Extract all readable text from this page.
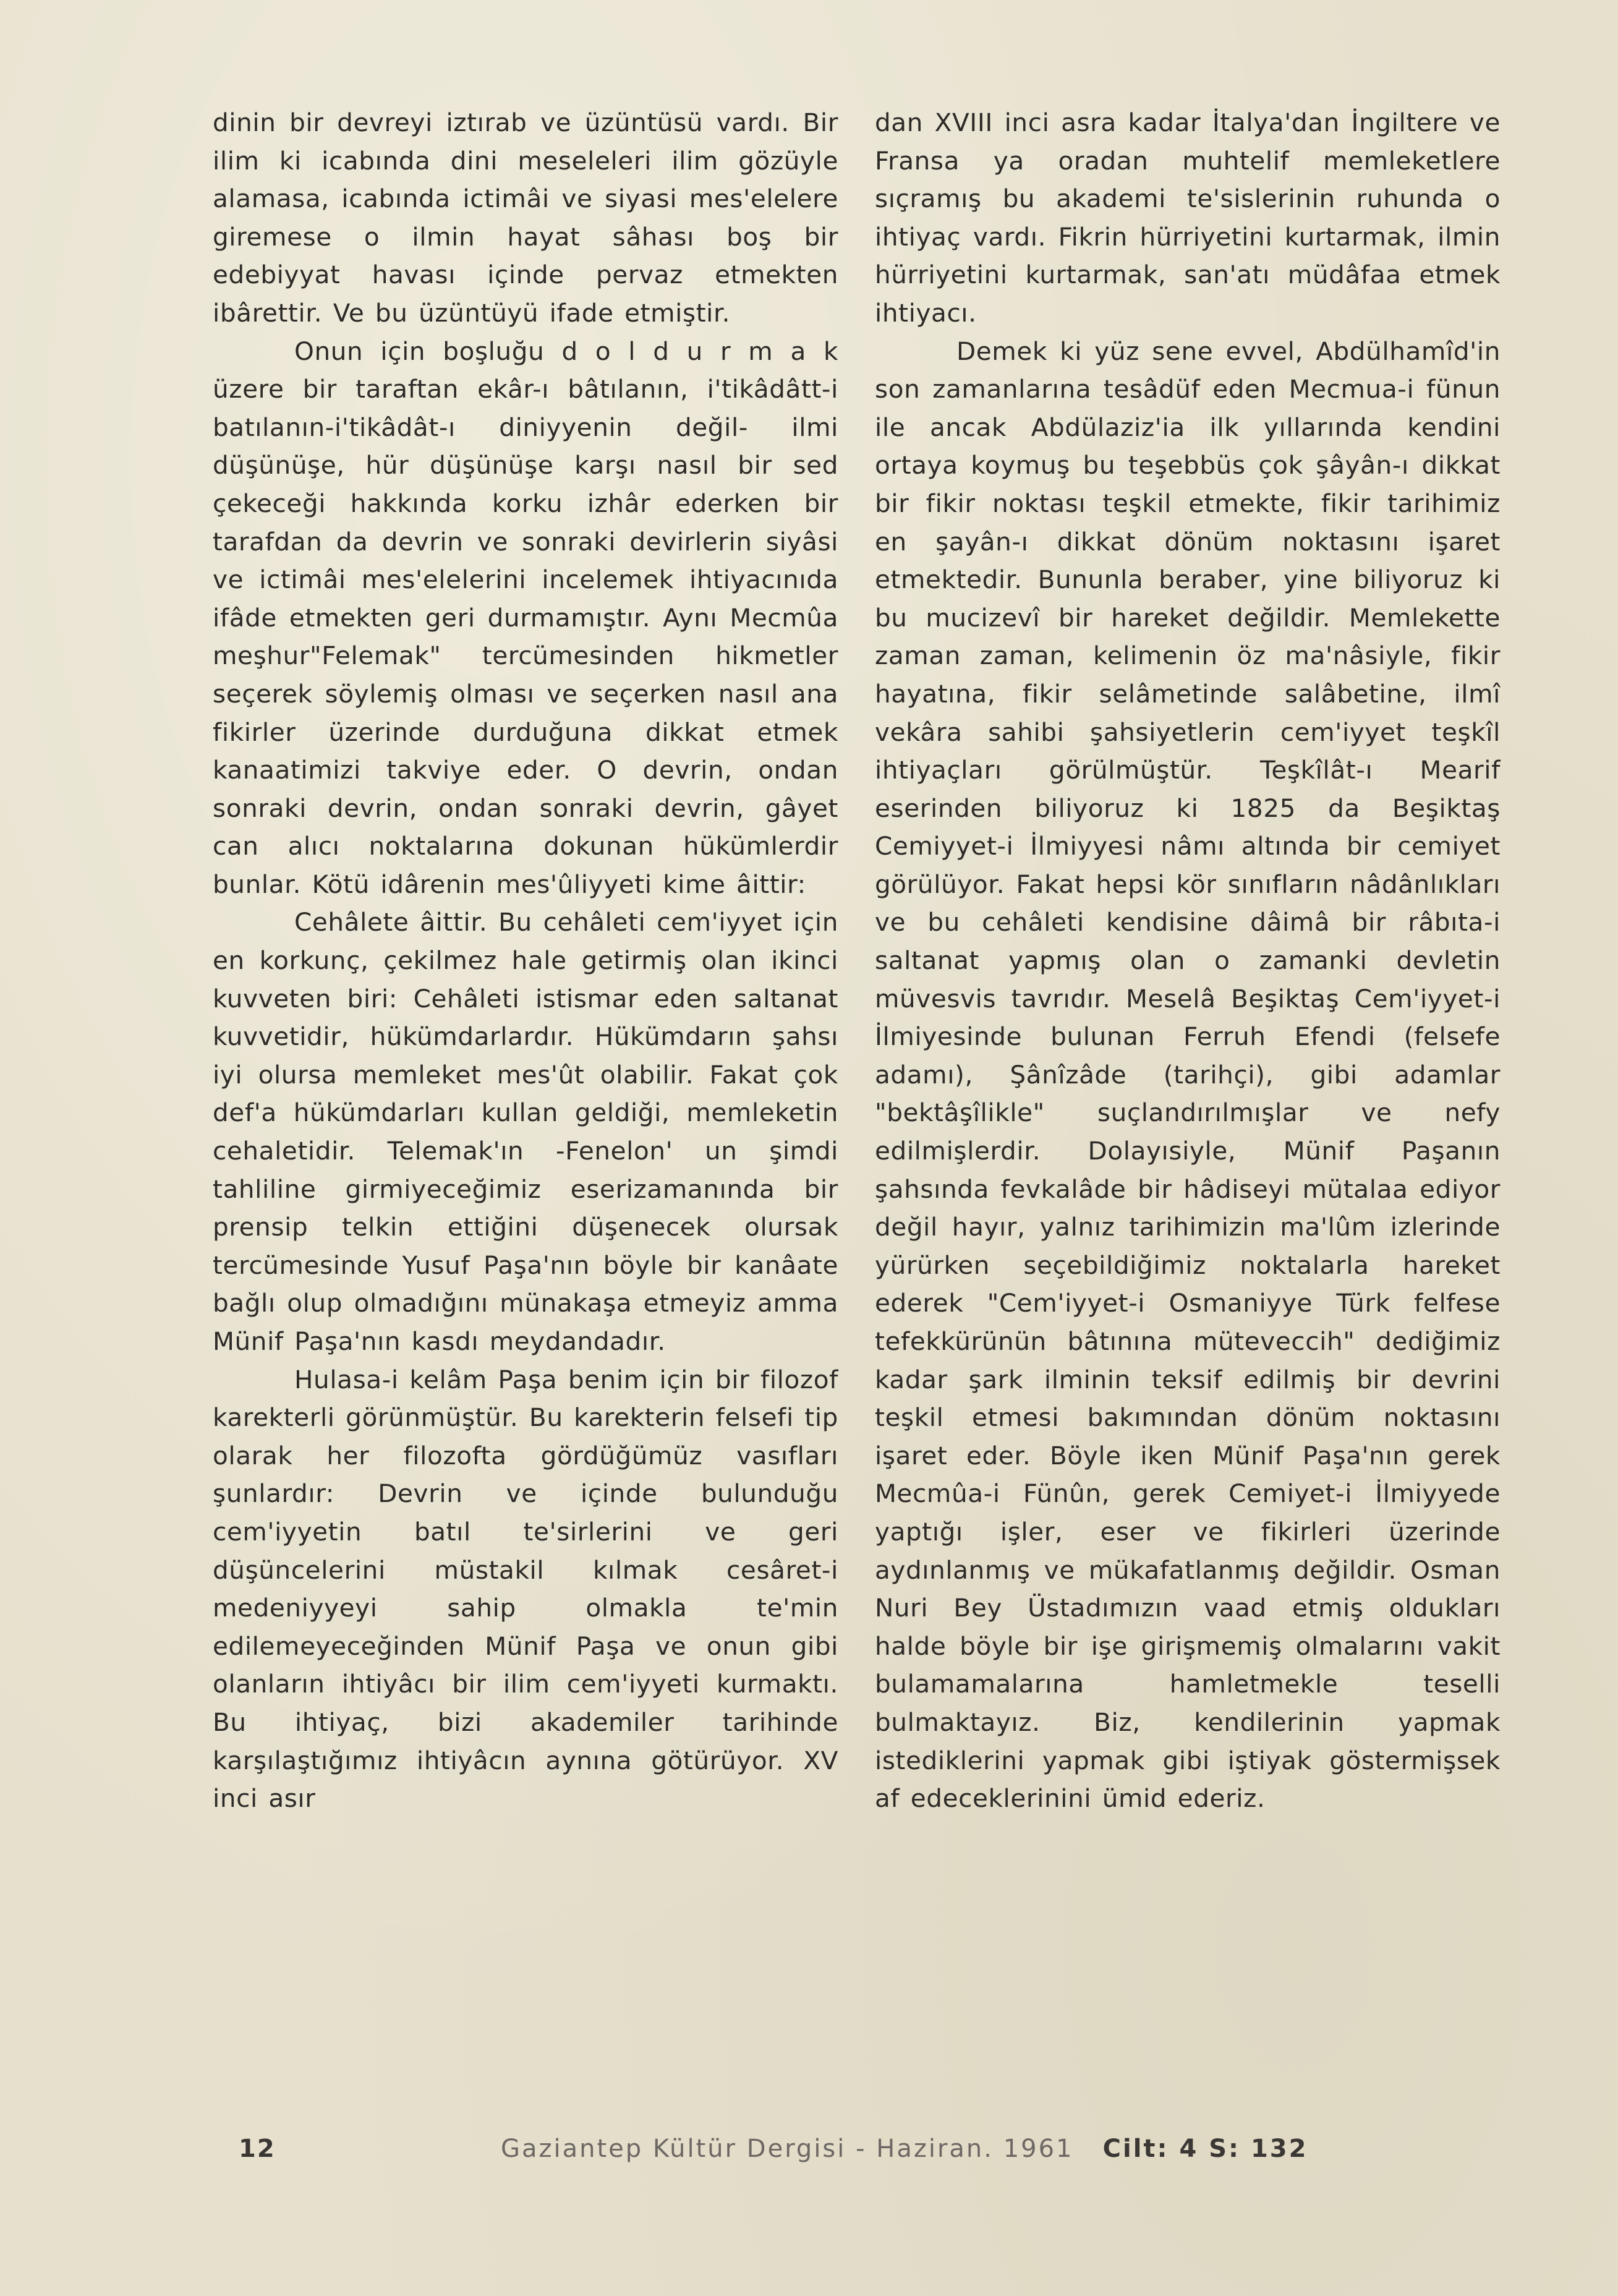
dinin bir devreyi iztırab ve üzüntüsü vardı. Bir ilim ki icabında dini meseleleri ilim gözüyle alamasa, icabında ictimâi ve siyasi mes'elelere giremese o ilmin hayat sâhası boş bir edebiyyat havası içinde pervaz etmekten ibârettir. Ve bu üzüntüyü ifade etmiştir.

Onun için boşluğu d o l d u r m a k üzere bir taraftan ekâr-ı bâtılanın, i'tikâdâtt-i batılanın-i'tikâdât-ı diniyyenin değil- ilmi düşünüşe, hür düşünüşe karşı nasıl bir sed çekeceği hakkında korku izhâr ederken bir tarafdan da devrin ve sonraki devirlerin siyâsi ve ictimâi mes'elelerini incelemek ihtiyacınıda ifâde etmekten geri durmamıştır. Aynı Mecmûa meşhur"Felemak" tercümesinden hikmetler seçerek söylemiş olması ve seçerken nasıl ana fikirler üzerinde durduğuna dikkat etmek kanaatimizi takviye eder. O devrin, ondan sonraki devrin, ondan sonraki devrin, gâyet can alıcı noktalarına dokunan hükümlerdir bunlar. Kötü idârenin mes'ûliyyeti kime âittir:

Cehâlete âittir. Bu cehâleti cem'iyyet için en korkunç, çekilmez hale getirmiş olan ikinci kuvveten biri: Cehâleti istismar eden saltanat kuvvetidir, hükümdarlardır. Hükümdarın şahsı iyi olursa memleket mes'ût olabilir. Fakat çok def'a hükümdarları kullan geldiği, memleketin cehaletidir. Telemak'ın -Fenelon' un şimdi tahliline girmiyeceğimiz eserizamanında bir prensip telkin ettiğini düşenecek olursak tercümesinde Yusuf Paşa'nın böyle bir kanâate bağlı olup olmadığını münakaşa etmeyiz amma Münif Paşa'nın kasdı meydandadır.

Hulasa-i kelâm Paşa benim için bir filozof karekterli görünmüştür. Bu karekterin felsefi tip olarak her filozofta gördüğümüz vasıfları şunlardır: Devrin ve içinde bulunduğu cem'iyyetin batıl te'sirlerini ve geri düşüncelerini müstakil kılmak cesâret-i medeniyyeyi sahip olmakla te'min edilemeyeceğinden Münif Paşa ve onun gibi olanların ihtiyâcı bir ilim cem'iyyeti kurmaktı. Bu ihtiyaç, bizi akademiler tarihinde karşılaştığımız ihtiyâcın aynına götürüyor. XV inci asır

dan XVIII inci asra kadar İtalya'dan İngiltere ve Fransa ya oradan muhtelif memleketlere sıçramış bu akademi te'sislerinin ruhunda o ihtiyaç vardı. Fikrin hürriyetini kurtarmak, ilmin hürriyetini kurtarmak, san'atı müdâfaa etmek ihtiyacı.

Demek ki yüz sene evvel, Abdülhamîd'in son zamanlarına tesâdüf eden Mecmua-i fünun ile ancak Abdülaziz'ia ilk yıllarında kendini ortaya koymuş bu teşebbüs çok şâyân-ı dikkat bir fikir noktası teşkil etmekte, fikir tarihimiz en şayân-ı dikkat dönüm noktasını işaret etmektedir. Bununla beraber, yine biliyoruz ki bu mucizevî bir hareket değildir. Memlekette zaman zaman, kelimenin öz ma'nâsiyle, fikir hayatına, fikir selâmetinde salâbetine, ilmî vekâra sahibi şahsiyetlerin cem'iyyet teşkîl ihtiyaçları görülmüştür. Teşkîlât-ı Mearif eserinden biliyoruz ki 1825 da Beşiktaş Cemiyyet-i İlmiyyesi nâmı altında bir cemiyet görülüyor. Fakat hepsi kör sınıfların nâdânlıkları ve bu cehâleti kendisine dâimâ bir râbıta-i saltanat yapmış olan o zamanki devletin müvesvis tavrıdır. Meselâ Beşiktaş Cem'iyyet-i İlmiyesinde bulunan Ferruh Efendi (felsefe adamı), Şânîzâde (tarihçi), gibi adamlar "bektâşîlikle" suçlandırılmışlar ve nefy edilmişlerdir. Dolayısiyle, Münif Paşanın şahsında fevkalâde bir hâdiseyi mütalaa ediyor değil hayır, yalnız tarihimizin ma'lûm izlerinde yürürken seçebildiğimiz noktalarla hareket ederek "Cem'iyyet-i Osmaniyye Türk felfese tefekkürünün bâtınına müteveccih" dediğimiz kadar şark ilminin teksif edilmiş bir devrini teşkil etmesi bakımından dönüm noktasını işaret eder. Böyle iken Münif Paşa'nın gerek Mecmûa-i Fünûn, gerek Cemiyet-i İlmiyyede yaptığı işler, eser ve fikirleri üzerinde aydınlanmış ve mükafatlanmış değildir. Osman Nuri Bey Üstadımızın vaad etmiş oldukları halde böyle bir işe girişmemiş olmalarını vakit bulamamalarına hamletmekle teselli bulmaktayız. Biz, kendilerinin yapmak istediklerini yapmak gibi iştiyak göstermişsek af edeceklerinini ümid ederiz.

12	Gaziantep Kültür Dergisi - Haziran. 1961 Cilt: 4 S: 132
